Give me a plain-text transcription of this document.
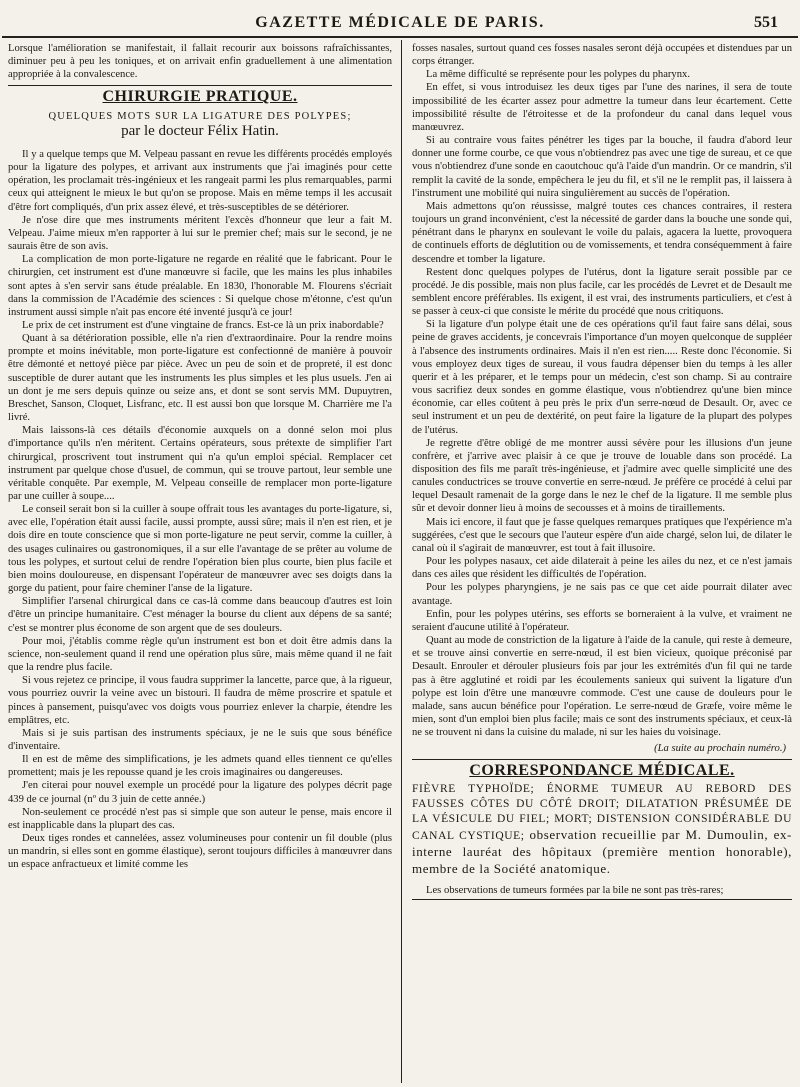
GAZETTE MÉDICALE DE PARIS.	551

Lorsque l'amélioration se manifestait, il fallait recourir aux boissons rafraîchissantes, diminuer peu à peu les toniques, et on arrivait enfin graduellement à une alimentation appropriée à la convalescence.

CHIRURGIE PRATIQUE.
QUELQUES MOTS SUR LA LIGATURE DES POLYPES;
par le docteur Félix Hatin.

Il y a quelque temps que M. Velpeau passant en revue les différents procédés employés pour la ligature des polypes, et arrivant aux instruments que j'ai imaginés pour cette opération, les proclamait très-ingénieux et les rangeait parmi les plus remarquables, parmi ceux qui atteignent le mieux le but qu'on se propose. Mais en même temps il les accusait d'être fort compliqués, d'un prix assez élevé, et très-susceptibles de se détériorer.

Je n'ose dire que mes instruments méritent l'excès d'honneur que leur a fait M. Velpeau. J'aime mieux m'en rapporter à lui sur le premier chef; mais sur le second, je ne saurais être de son avis.

La complication de mon porte-ligature ne regarde en réalité que le fabricant. Pour le chirurgien, cet instrument est d'une manœuvre si facile, que les mains les plus inhabiles sont aptes à s'en servir sans étude préalable. En 1830, l'honorable M. Flourens s'écriait dans la commission de l'Académie des sciences : Si quelque chose m'étonne, c'est qu'un instrument aussi simple n'ait pas encore été inventé jusqu'à ce jour!

Le prix de cet instrument est d'une vingtaine de francs. Est-ce là un prix inabordable?

Quant à sa détérioration possible, elle n'a rien d'extraordinaire. Pour la rendre moins prompte et moins inévitable, mon porte-ligature est confectionné de manière à pouvoir être démonté et nettoyé pièce par pièce. Avec un peu de soin et de propreté, il est donc susceptible de durer autant que les instruments les plus simples et les plus usuels. J'en ai un dont je me sers depuis quinze ou seize ans, et dont se sont servis MM. Dupuytren, Breschet, Sanson, Cloquet, Lisfranc, etc. Il est aussi bon que lorsque M. Charrière me l'a livré.

Mais laissons-là ces détails d'économie auxquels on a donné selon moi plus d'importance qu'ils n'en méritent. Certains opérateurs, sous prétexte de simplifier l'art chirurgical, proscrivent tout instrument qui n'a qu'un emploi spécial. Remplacer cet instrument par quelque chose d'usuel, de commun, qui se trouve partout, leur semble une véritable conquête. Par exemple, M. Velpeau conseille de remplacer mon porte-ligature par une cuiller à soupe....

Le conseil serait bon si la cuiller à soupe offrait tous les avantages du porte-ligature, si, avec elle, l'opération était aussi facile, aussi prompte, aussi sûre; mais il n'en est rien, et je dois dire en toute conscience que si mon porte-ligature ne peut servir, comme la cuiller, à des usages culinaires ou gastronomiques, il a sur elle l'avantage de se prêter au volume de tous les polypes, et surtout celui de rendre l'opération bien plus courte, bien plus facile et bien moins douloureuse, en dispensant l'opérateur de manœuvrer avec ses doigts dans la gorge du patient, pour faire cheminer l'anse de la ligature.

Simplifier l'arsenal chirurgical dans ce cas-là comme dans beaucoup d'autres est loin d'être un principe humanitaire. C'est ménager la bourse du client aux dépens de sa santé; c'est se montrer plus économe de son argent que de ses douleurs.

Pour moi, j'établis comme règle qu'un instrument est bon et doit être admis dans la science, non-seulement quand il rend une opération plus sûre, mais même quand il ne fait que la rendre plus facile.

Si vous rejetez ce principe, il vous faudra supprimer la lancette, parce que, à la rigueur, vous pourriez ouvrir la veine avec un bistouri. Il faudra de même proscrire et spatule et pinces à pansement, puisqu'avec vos doigts vous pourriez enlever la charpie, étendre les emplâtres, etc.

Mais si je suis partisan des instruments spéciaux, je ne le suis que sous bénéfice d'inventaire.

Il en est de même des simplifications, je les admets quand elles tiennent ce qu'elles promettent; mais je les repousse quand je les crois imaginaires ou dangereuses.

J'en citerai pour nouvel exemple un procédé pour la ligature des polypes décrit page 439 de ce journal (nº du 3 juin de cette année.)

Non-seulement ce procédé n'est pas si simple que son auteur le pense, mais encore il est inapplicable dans la plupart des cas.

Deux tiges rondes et cannelées, assez volumineuses pour contenir un fil double (plus un mandrin, si elles sont en gomme élastique), seront toujours difficiles à manœuvrer dans un espace anfractueux et limité comme les

fosses nasales, surtout quand ces fosses nasales seront déjà occupées et distendues par un corps étranger.

La même difficulté se représente pour les polypes du pharynx.

En effet, si vous introduisez les deux tiges par l'une des narines, il sera de toute impossibilité de les écarter assez pour admettre la tumeur dans leur écartement. Cette impossibilité résulte de l'étroitesse et de la profondeur du canal dans lequel vous manœuvrez.

Si au contraire vous faites pénétrer les tiges par la bouche, il faudra d'abord leur donner une forme courbe, ce que vous n'obtiendrez pas avec une tige de sureau, et ce que vous n'obtiendrez d'une sonde en caoutchouc qu'à l'aide d'un mandrin. Or ce mandrin, s'il remplit la cavité de la sonde, empêchera le jeu du fil, et s'il ne le remplit pas, il laissera à l'instrument une mobilité qui nuira singulièrement au succès de l'opération.

Mais admettons qu'on réussisse, malgré toutes ces chances contraires, il restera toujours un grand inconvénient, c'est la nécessité de garder dans la bouche une sonde qui, pénétrant dans le pharynx en soulevant le voile du palais, agacera la luette, provoquera de continuels efforts de déglutition ou de vomissements, et tendra conséquemment à faire descendre et tomber la ligature.

Restent donc quelques polypes de l'utérus, dont la ligature serait possible par ce procédé. Je dis possible, mais non plus facile, car les procédés de Levret et de Desault me semblent encore préférables. Ils exigent, il est vrai, des instruments particuliers, et c'est à se passer à ceux-ci que consiste le mérite du procédé que nous critiquons.

Si la ligature d'un polype était une de ces opérations qu'il faut faire sans délai, sous peine de graves accidents, je concevrais l'importance d'un moyen quelconque de suppléer à l'absence des instruments ordinaires. Mais il n'en est rien..... Reste donc l'économie. Si vous employez deux tiges de sureau, il vous faudra dépenser bien du temps à les aller querir et à les préparer, et le temps pour un médecin, c'est son champ. Si au contraire vous sacrifiez deux sondes en gomme élastique, vous n'obtiendrez qu'une bien mince économie, car elles coûtent à peu près le prix d'un serre-nœud de Desault. Or, avec ce seul instrument et un peu de dextérité, on peut faire la ligature de la plupart des polypes de l'utérus.

Je regrette d'être obligé de me montrer aussi sévère pour les illusions d'un jeune confrère, et j'arrive avec plaisir à ce que je trouve de louable dans son procédé. La disposition des fils me paraît très-ingénieuse, et j'admire avec quelle simplicité une des canules conductrices se trouve convertie en serre-nœud. Je préfère ce procédé à celui par lequel Desault ramenait de la gorge dans le nez le chef de la ligature. Il me semble plus sûr et devoir donner lieu à moins de secousses et à moins de tiraillements.

Mais ici encore, il faut que je fasse quelques remarques pratiques que l'expérience m'a suggérées, c'est que le secours que l'auteur espère d'un aide chargé, selon lui, de dilater le canal où il s'agirait de manœuvrer, est tout à fait illusoire.

Pour les polypes nasaux, cet aide dilaterait à peine les ailes du nez, et ce n'est jamais dans ces ailes que résident les difficultés de l'opération.

Pour les polypes pharyngiens, je ne sais pas ce que cet aide pourrait dilater avec avantage.

Enfin, pour les polypes utérins, ses efforts se borneraient à la vulve, et vraiment ne seraient d'aucune utilité à l'opérateur.

Quant au mode de constriction de la ligature à l'aide de la canule, qui reste à demeure, et se trouve ainsi convertie en serre-nœud, il est bien vicieux, quoique préconisé par Desault. Enrouler et dérouler plusieurs fois par jour les extrémités d'un fil qui ne tarde pas à être agglutiné et roidi par les écoulements sanieux qui suivent la ligature d'un polype est loin d'être une manœuvre commode. C'est une cause de douleurs pour le malade, sans aucun bénéfice pour l'opération. Le serre-nœud de Græfe, voire même le mien, sont d'un emploi bien plus facile; mais ce sont des instruments spéciaux, et ceux-là ne se trouvent ni dans la cuisine du malade, ni sur les haies du voisinage.

(La suite au prochain numéro.)
CORRESPONDANCE MÉDICALE.
FIÈVRE TYPHOÏDE; ÉNORME TUMEUR AU REBORD DES FAUSSES CÔTES DU CÔTÉ DROIT; DILATATION PRÉSUMÉE DE LA VÉSICULE DU FIEL; MORT; DISTENSION CONSIDÉRABLE DU CANAL CYSTIQUE; observation recueillie par M. Dumoulin, ex-interne lauréat des hôpitaux (première mention honorable), membre de la Société anatomique.

Les observations de tumeurs formées par la bile ne sont pas très-rares;
